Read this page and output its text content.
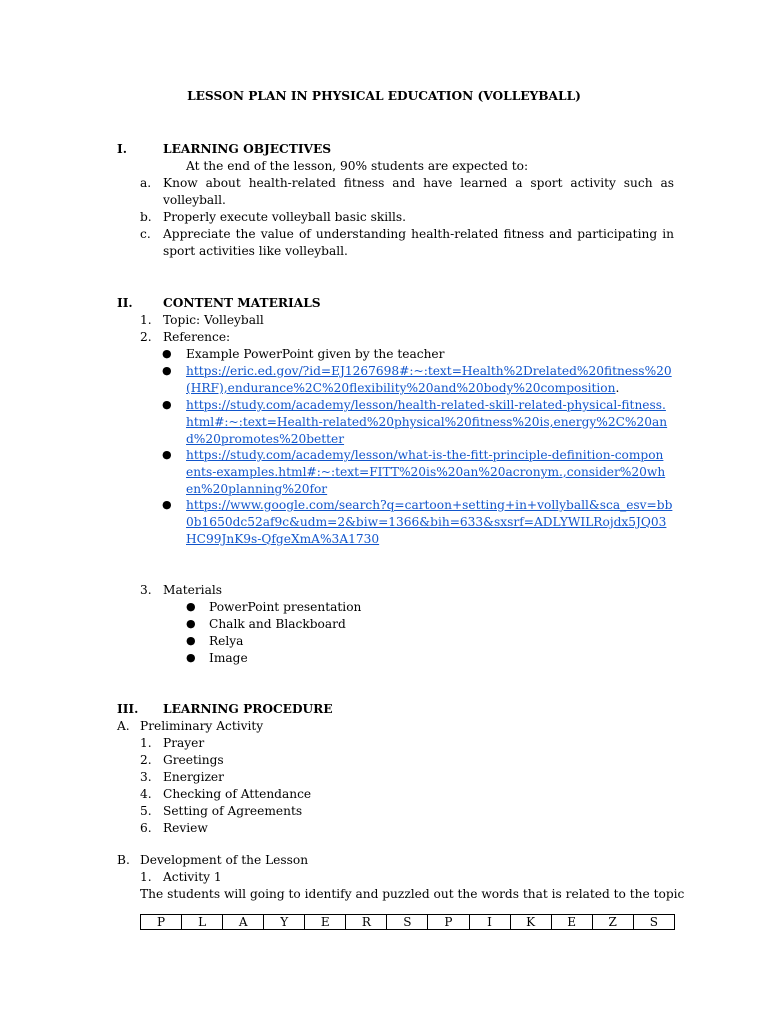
LESSON PLAN IN PHYSICAL EDUCATION (VOLLEYBALL)
I.	LEARNING OBJECTIVES
At the end of the lesson, 90% students are expected to:
a. Know about health-related fitness and have learned a sport activity such as volleyball.
b. Properly execute volleyball basic skills.
c. Appreciate the value of understanding health-related fitness and participating in sport activities like volleyball.
II. CONTENT MATERIALS
1. Topic: Volleyball
2. Reference:
● Example PowerPoint given by the teacher
● https://eric.ed.gov/?id=EJ1267698#:~:text=Health%2Drelated%20fitness%20(HRF),endurance%2C%20flexibility%20and%20body%20composition.
● https://study.com/academy/lesson/health-related-skill-related-physical-fitness.html#:~:text=Health-related%20physical%20fitness%20is,energy%2C%20and%20promotes%20better
● https://study.com/academy/lesson/what-is-the-fitt-principle-definition-components-examples.html#:~:text=FITT%20is%20an%20acronym.,consider%20when%20planning%20for
● https://www.google.com/search?q=cartoon+setting+in+vollyball&sca_esv=bb0b1650dc52af9c&udm=2&biw=1366&bih=633&sxsrf=ADLYWILRojdx5JQ03HC99JnK9s-QfgeXmA%3A1730
3. Materials
● PowerPoint presentation
● Chalk and Blackboard
● Relya
● Image
III. LEARNING PROCEDURE
A. Preliminary Activity
1. Prayer
2. Greetings
3. Energizer
4. Checking of Attendance
5. Setting of Agreements
6. Review
B. Development of the Lesson
1. Activity 1
The students will going to identify and puzzled out the words that is related to the topic
P	L	A	Y	E	R	S	P	I	K	E	Z	S
